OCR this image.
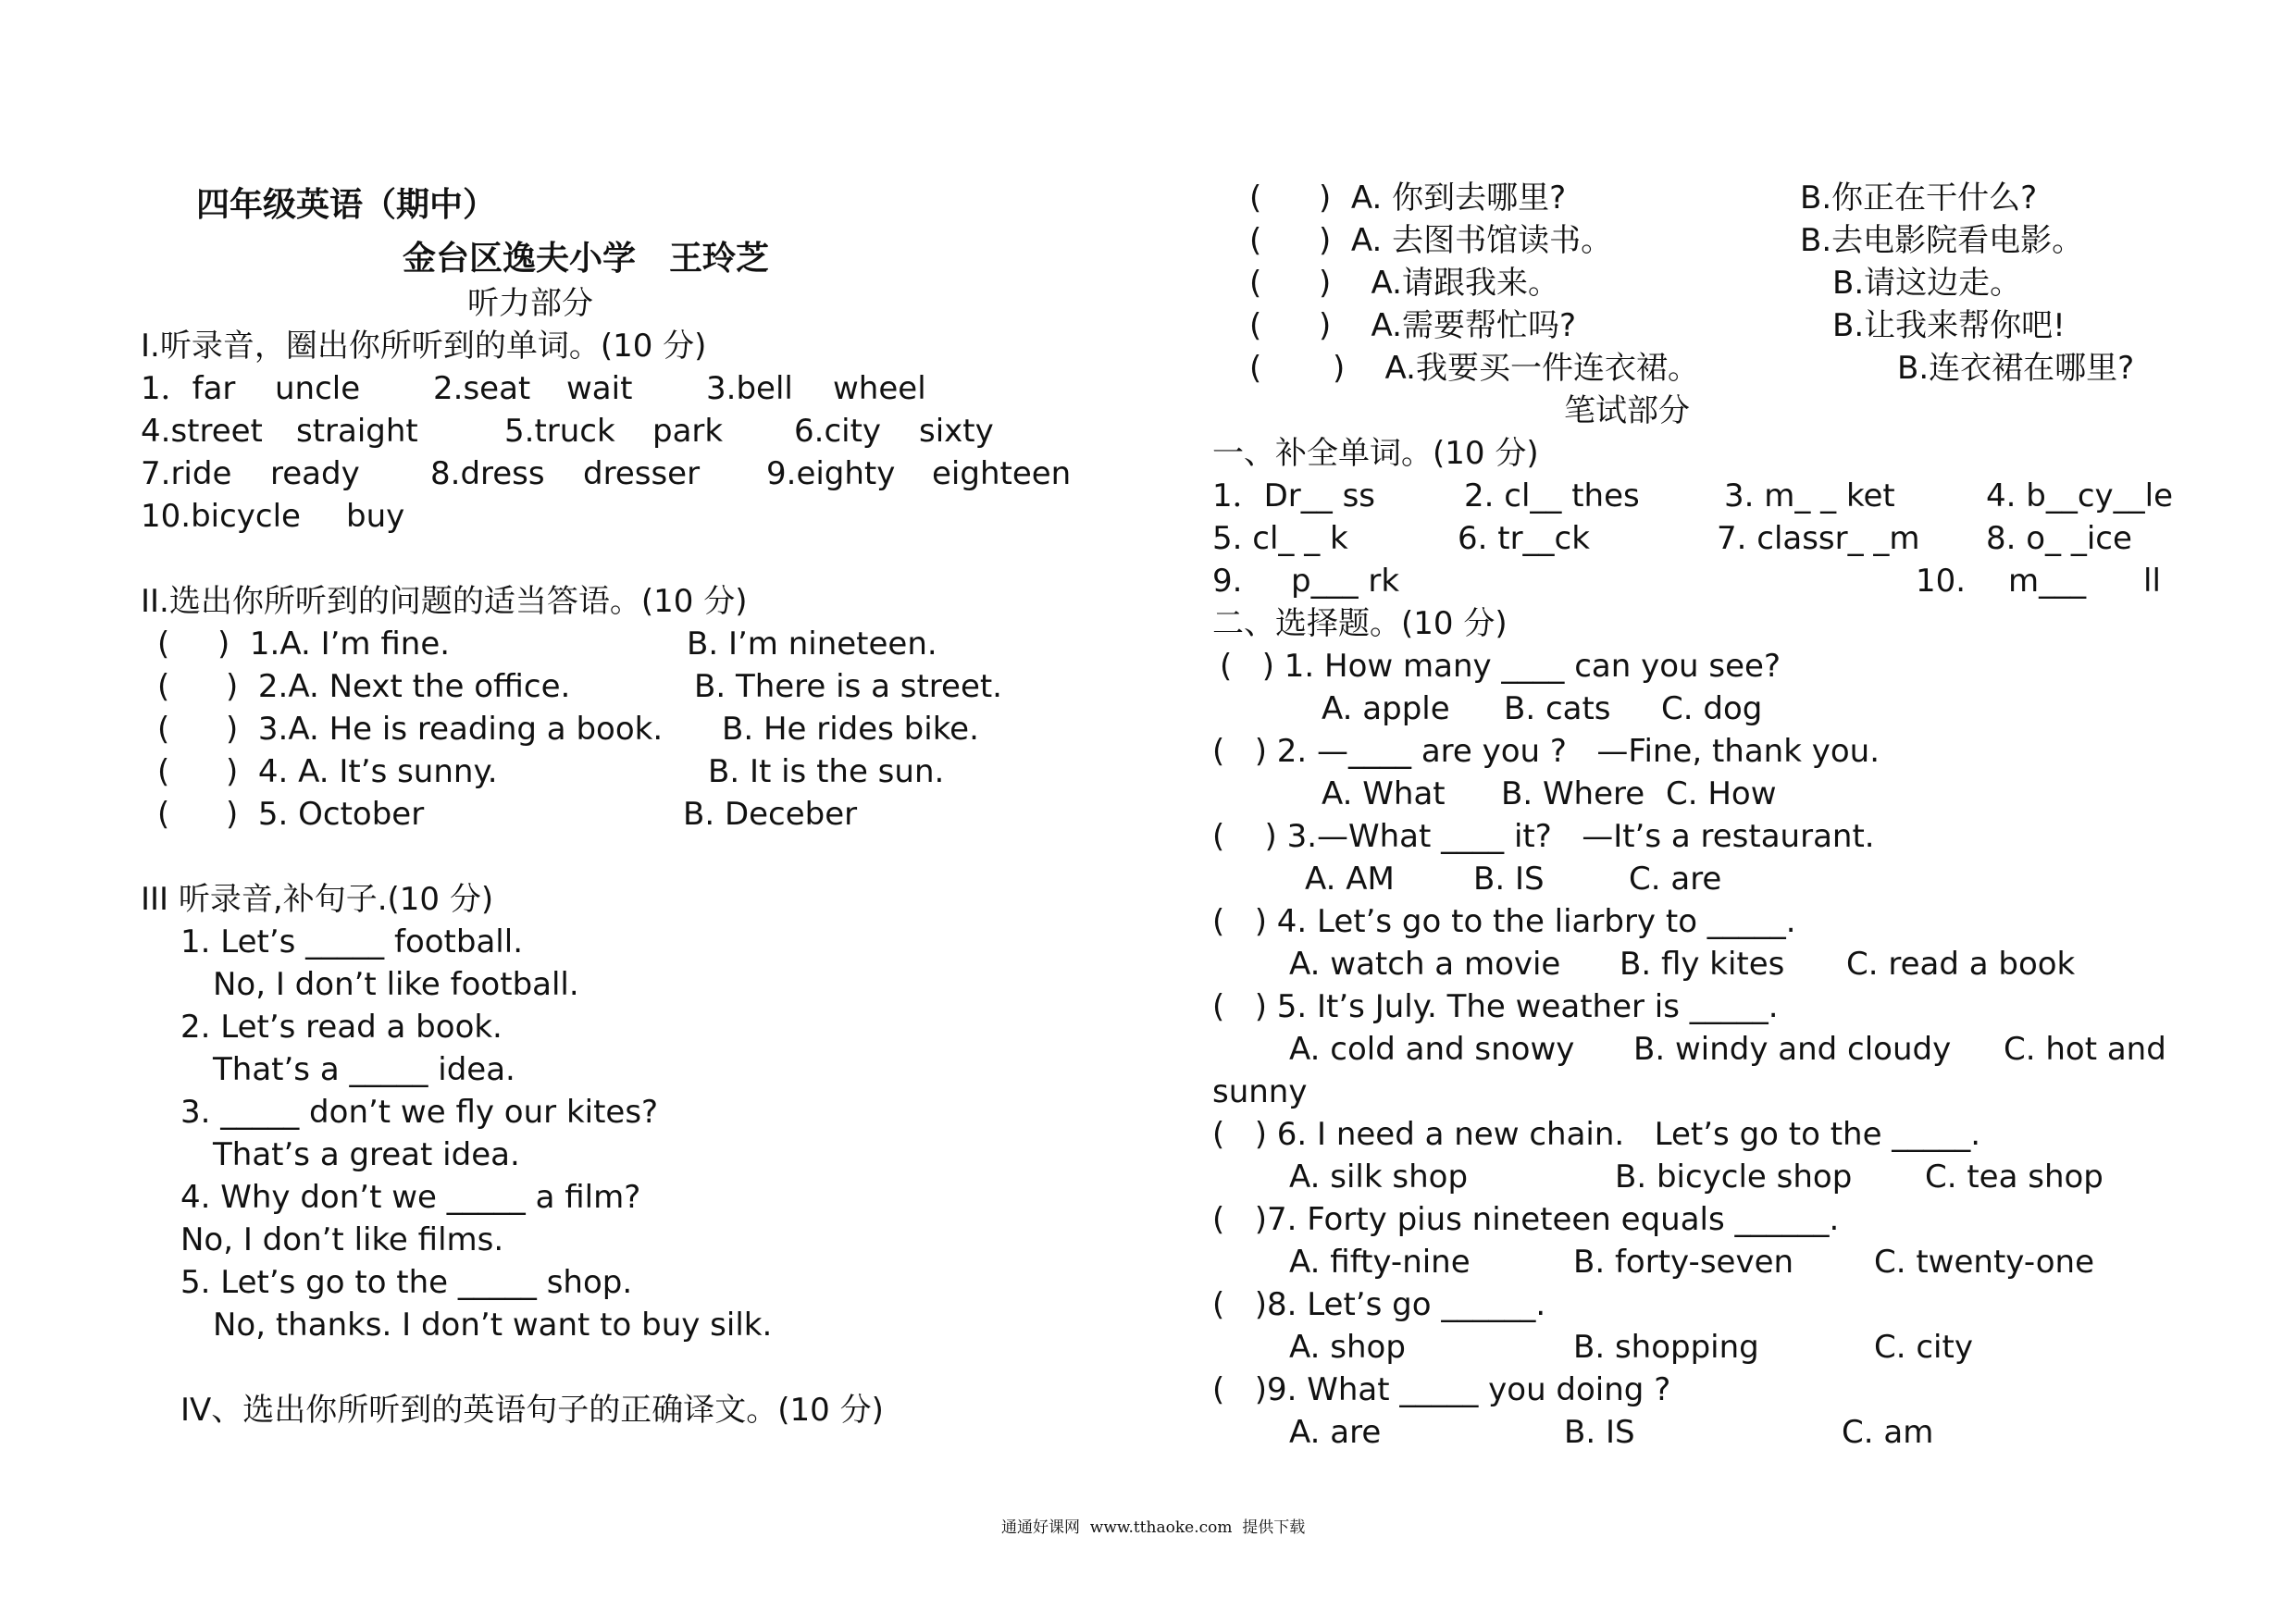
四年级英语（期中）
金台区逸夫小学　王玲芝
听力部分
I.听录音，圈出你所听到的单词。(10 分)
1．far uncle 2.seat wait 3.bell wheel
4.street straight	5.truck park 6.city sixty
7.ride ready 8.dress dresser 9.eighty eighteen
10.bicycle buy
II.选出你所听到的问题的适当答语。(10 分)
( )  1.A. I’m fine.	B. I’m nineteen.
( )  2.A. Next the office.	B. There is a street.
( )  3.A. He is reading a book. B. He rides bike.
( )  4. A. It’s sunny.	B. It is the sun.
( )  5. October	B. Deceber
III 听录音,补句子.(10 分)
1. Let’s _____ football.
No, I don’t like football.
2. Let’s read a book.
That’s a _____ idea.
3. _____ don’t we fly our kites?
That’s a great idea.
4. Why don’t we _____ a film?
No, I don’t like films.
5. Let’s go to the _____ shop.
No, thanks. I don’t want to buy silk.
IV、选出你所听到的英语句子的正确译文。(10 分)
( )  A. 你到去哪里?	B.你正在干什么?
( )  A. 去图书馆读书。	B.去电影院看电影。
( )    A.请跟我来。	B.请这边走。
( )    A.需要帮忙吗?	B.让我来帮你吧!
( )    A.我要买一件连衣裙。	B.连衣裙在哪里?
笔试部分
一、补全单词。(10 分)
1．Dr__ ss	2. cl__ thes	3. m_ _ ket	4. b__cy__le
5. cl_ _ k	6. tr__ck	7. classr_ _m 8. o_ _ice
9. p___ rk	10. m___ ll
二、选择题。(10 分)
(   ) 1. How many ____ can you see?
A. apple B. cats C. dog
(   ) 2. —____ are you ?   —Fine, thank you.
A. What B. Where C. How
(    ) 3.—What ____ it?   —It’s a restaurant.
A. AM	B. IS	C. are
(   ) 4. Let’s go to the liarbry to _____.
A. watch a movie B. fly kites C. read a book
(   ) 5. It’s July. The weather is _____.
A. cold and snowy B. windy and cloudy C. hot and
sunny
(   ) 6. I need a new chain.   Let’s go to the _____.
A. silk shop	B. bicycle shop C. tea shop
(   )7. Forty pius nineteen equals ______.
A. fifty-nine	B. forty-seven	C. twenty-one
(   )8. Let’s go ______.
A. shop	B. shopping	C. city
(   )9. What _____ you doing ?
A. are	B. IS	C. am
通通好课网  www.tthaoke.com  提供下载
